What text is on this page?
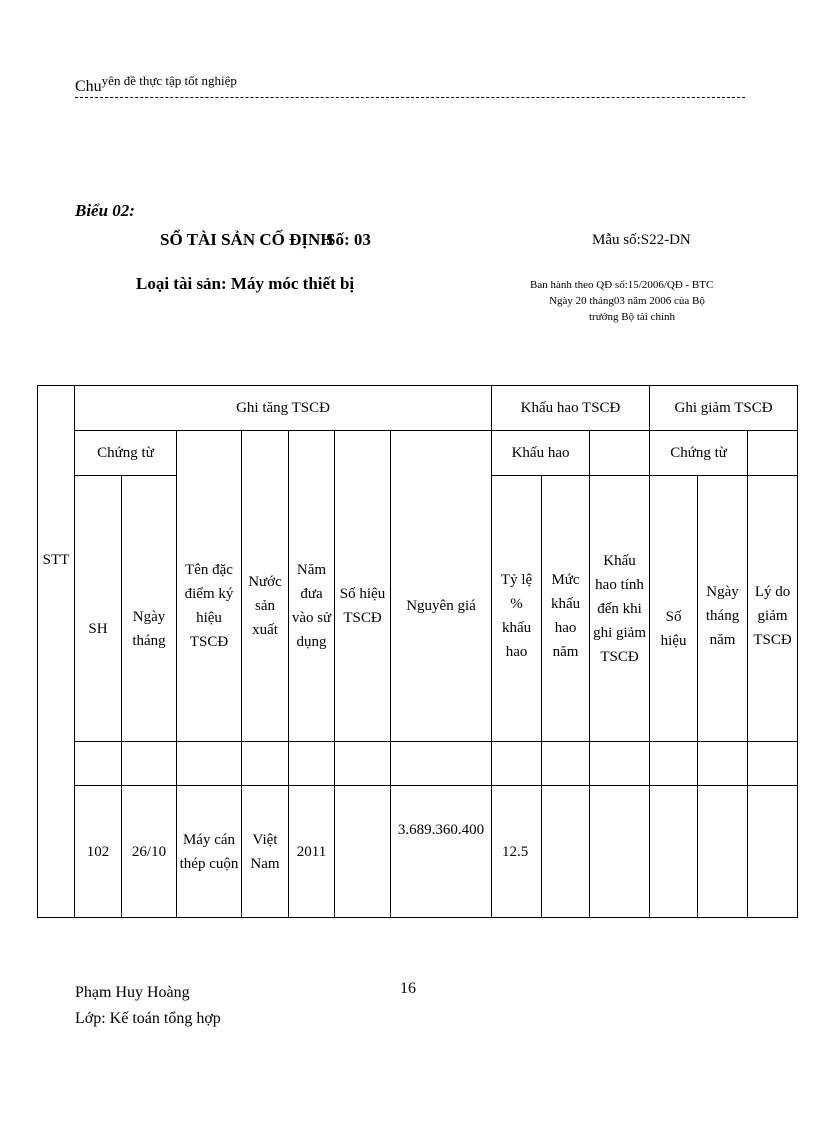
Chuyên đề thực tập tốt nghiệp
Biểu 02:
SỔ TÀI SẢN CỐ ĐỊNH
Số: 03	Mẫu số:S22-DN
Loại tài sản: Máy móc thiết bị	Ban hành theo QĐ số:15/2006/QĐ - BTC
Ngày 20 tháng03 năm 2006 của Bộ
trưởng Bộ tài chính
STT	Ghi tăng TSCĐ							Khấu hao TSCĐ			Ghi giảm TSCĐ		
	Chứng từ		Tên đặc điểm ký hiệu TSCĐ	Nước sản xuất	Năm đưa vào sử dụng	Số hiệu TSCĐ	Nguyên giá	Khấu hao			Chứng từ		
	SH	Ngày tháng						Tỷ lệ % khấu hao	Mức khấu hao năm	Khấu hao tính đến khi ghi giảm TSCĐ	Số hiệu	Ngày tháng năm	Lý do giảm TSCĐ

	102	26/10	Máy cán thép cuộn	Việt Nam	2011		3.689.360.400	12.5					
16
Phạm Huy Hoàng
Lớp: Kế toán tổng hợp
